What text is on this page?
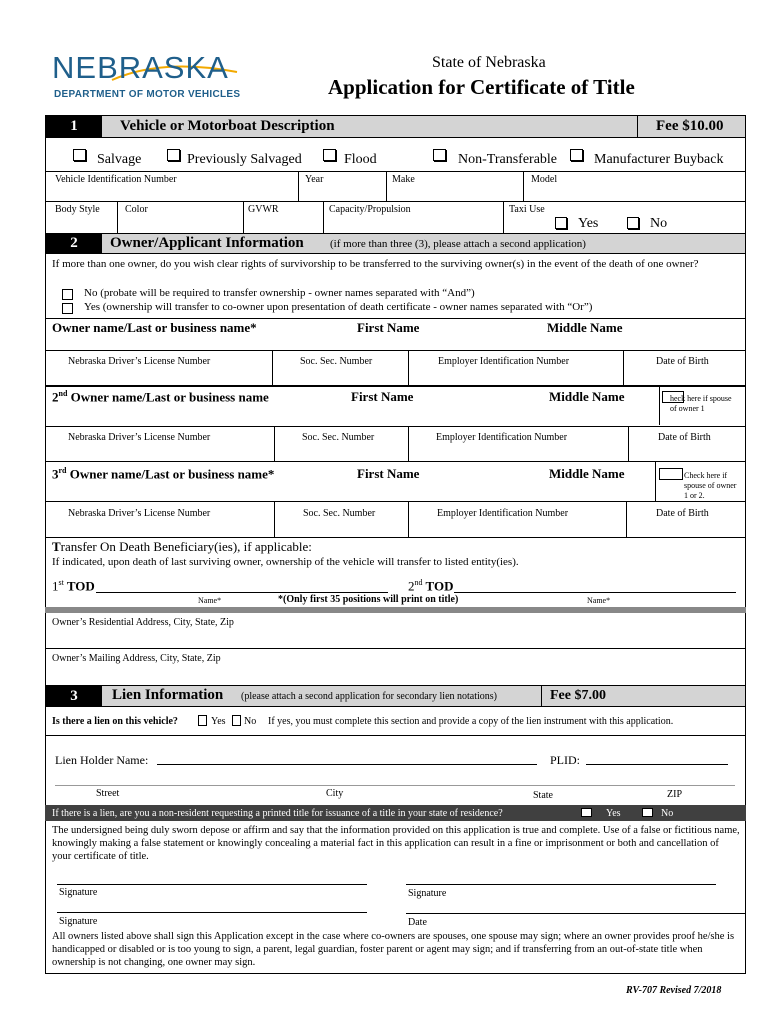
NEBRASKA
DEPARTMENT OF MOTOR VEHICLES
State of Nebraska
Application for Certificate of Title
1	Vehicle or Motorboat Description	Fee $10.00
Salvage	Previously Salvaged	Flood	Non-Transferable	Manufacturer Buyback
Vehicle Identification Number	Year	Make	Model
Body Style	Color	GVWR	Capacity/Propulsion	Taxi Use
Yes	No
2	Owner/Applicant Information (if more than three (3), please attach a second application)
If more than one owner, do you wish clear rights of survivorship to be transferred to the surviving owner(s) in the event of the death of one owner?
No (probate will be required to transfer ownership - owner names separated with “And”)
Yes (ownership will transfer to co-owner upon presentation of death certificate - owner names separated with “Or”)
Owner name/Last or business name*	First Name	Middle Name
Nebraska Driver’s License Number	Soc. Sec. Number	Employer Identification Number	Date of Birth
2nd Owner name/Last or business name	First Name	Middle Name	heck here if spouse of owner 1
Nebraska Driver’s License Number	Soc. Sec. Number	Employer Identification Number	Date of Birth
3rd Owner name/Last or business name*	First Name	Middle Name	Check here if spouse of owner 1 or 2.
Nebraska Driver’s License Number	Soc. Sec. Number	Employer Identification Number	Date of Birth
Transfer On Death Beneficiary(ies), if applicable:
If indicated, upon death of last surviving owner, ownership of the vehicle will transfer to listed entity(ies).
1st TOD	2nd TOD
Name*	*(Only first 35 positions will print on title)	Name*
Owner’s Residential Address, City, State, Zip
Owner’s Mailing Address, City, State, Zip
3	Lien Information (please attach a second application for secondary lien notations)	Fee $7.00
Is there a lien on this vehicle?	Yes No If yes, you must complete this section and provide a copy of the lien instrument with this application.
Lien Holder Name:	PLID:
Street	City	State	ZIP
If there is a lien, are you a non-resident requesting a printed title for issuance of a title in your state of residence?	Yes	No
The undersigned being duly sworn depose or affirm and say that the information provided on this application is true and complete. Use of a false or fictitious name, knowingly making a false statement or knowingly concealing a material fact in this application can result in a fine or imprisonment or both and cancellation of your certificate of title.
Signature	Signature
Signature	Date
All owners listed above shall sign this Application except in the case where co-owners are spouses, one spouse may sign; where an owner provides proof he/she is handicapped or disabled or is too young to sign, a parent, legal guardian, foster parent or agent may sign; and if transferring from an out-of-state title when ownership is not changing, one owner may sign.
RV-707 Revised 7/2018
